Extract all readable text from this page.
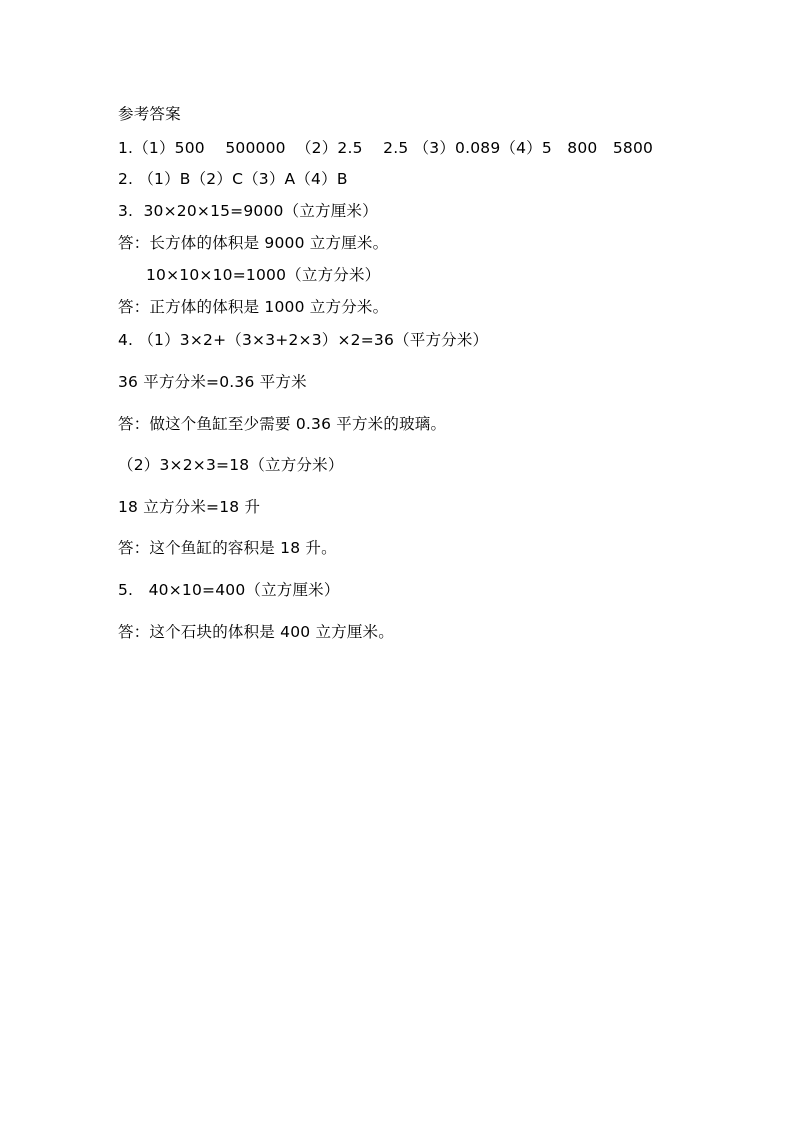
参考答案
1.（1）500    500000  （2）2.5    2.5 （3）0.089（4）5   800   5800
2. （1）B（2）C（3）A（4）B
3.  30×20×15=9000（立方厘米）
答：长方体的体积是 9000 立方厘米。
10×10×10=1000（立方分米）
答：正方体的体积是 1000 立方分米。
4. （1）3×2+（3×3+2×3）×2=36（平方分米）
36 平方分米=0.36 平方米
答：做这个鱼缸至少需要 0.36 平方米的玻璃。
（2）3×2×3=18（立方分米）
18 立方分米=18 升
答：这个鱼缸的容积是 18 升。
5.   40×10=400（立方厘米）
答：这个石块的体积是 400 立方厘米。
